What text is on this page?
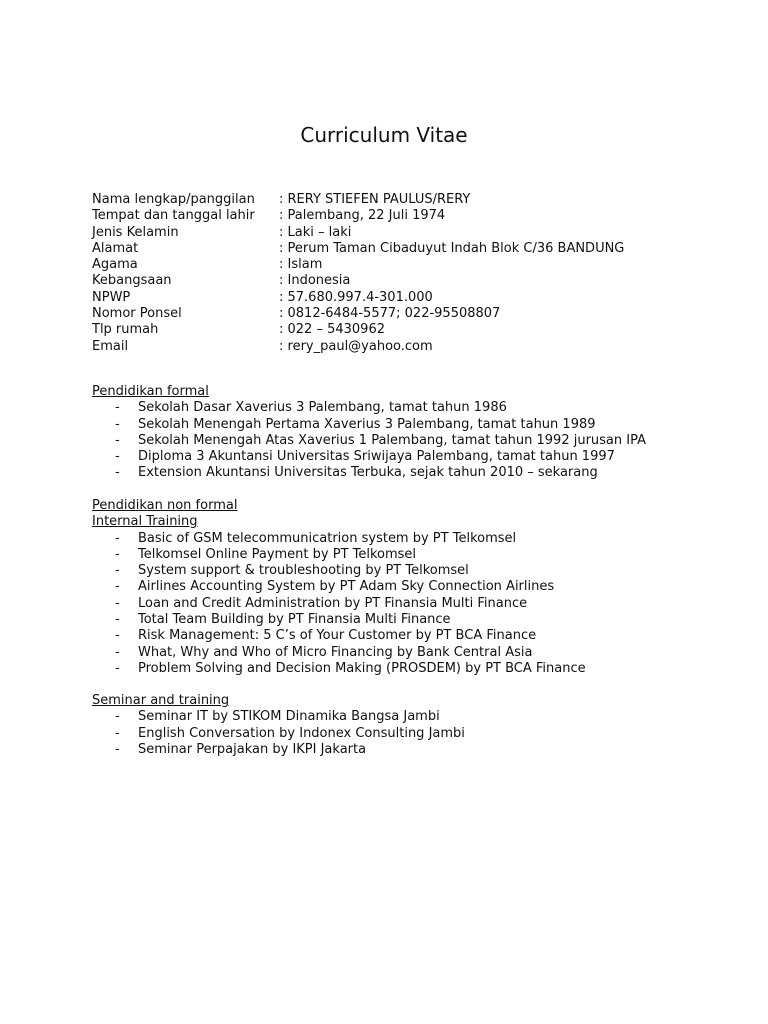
Curriculum Vitae
Nama lengkap/panggilan	: RERY STIEFEN PAULUS/RERY
Tempat dan tanggal lahir	: Palembang, 22 Juli 1974
Jenis Kelamin	: Laki – laki
Alamat	: Perum Taman Cibaduyut Indah Blok C/36 BANDUNG
Agama	: Islam
Kebangsaan	: Indonesia
NPWP	: 57.680.997.4-301.000
Nomor Ponsel	: 0812-6484-5577; 022-95508807
Tlp rumah	: 022 – 5430962
Email	: rery_paul@yahoo.com
Pendidikan formal
-	Sekolah Dasar Xaverius 3 Palembang, tamat tahun 1986
-	Sekolah Menengah Pertama Xaverius 3 Palembang, tamat tahun 1989
-	Sekolah Menengah Atas Xaverius 1 Palembang, tamat tahun 1992 jurusan IPA
-	Diploma 3 Akuntansi Universitas Sriwijaya Palembang, tamat tahun 1997
-	Extension Akuntansi Universitas Terbuka, sejak tahun 2010 – sekarang
Pendidikan non formal
Internal Training
-	Basic of GSM telecommunicatrion system by PT Telkomsel
-	Telkomsel Online Payment by PT Telkomsel
-	System support & troubleshooting by PT Telkomsel
-	Airlines Accounting System by PT Adam Sky Connection Airlines
-	Loan and Credit Administration by PT Finansia Multi Finance
-	Total Team Building by PT Finansia Multi Finance
-	Risk Management: 5 C’s of Your Customer by PT BCA Finance
-	What, Why and Who of Micro Financing by Bank Central Asia
-	Problem Solving and Decision Making (PROSDEM) by PT BCA Finance
Seminar and training
-	Seminar IT by STIKOM Dinamika Bangsa Jambi
-	English Conversation by Indonex Consulting Jambi
-	Seminar Perpajakan by IKPI Jakarta
